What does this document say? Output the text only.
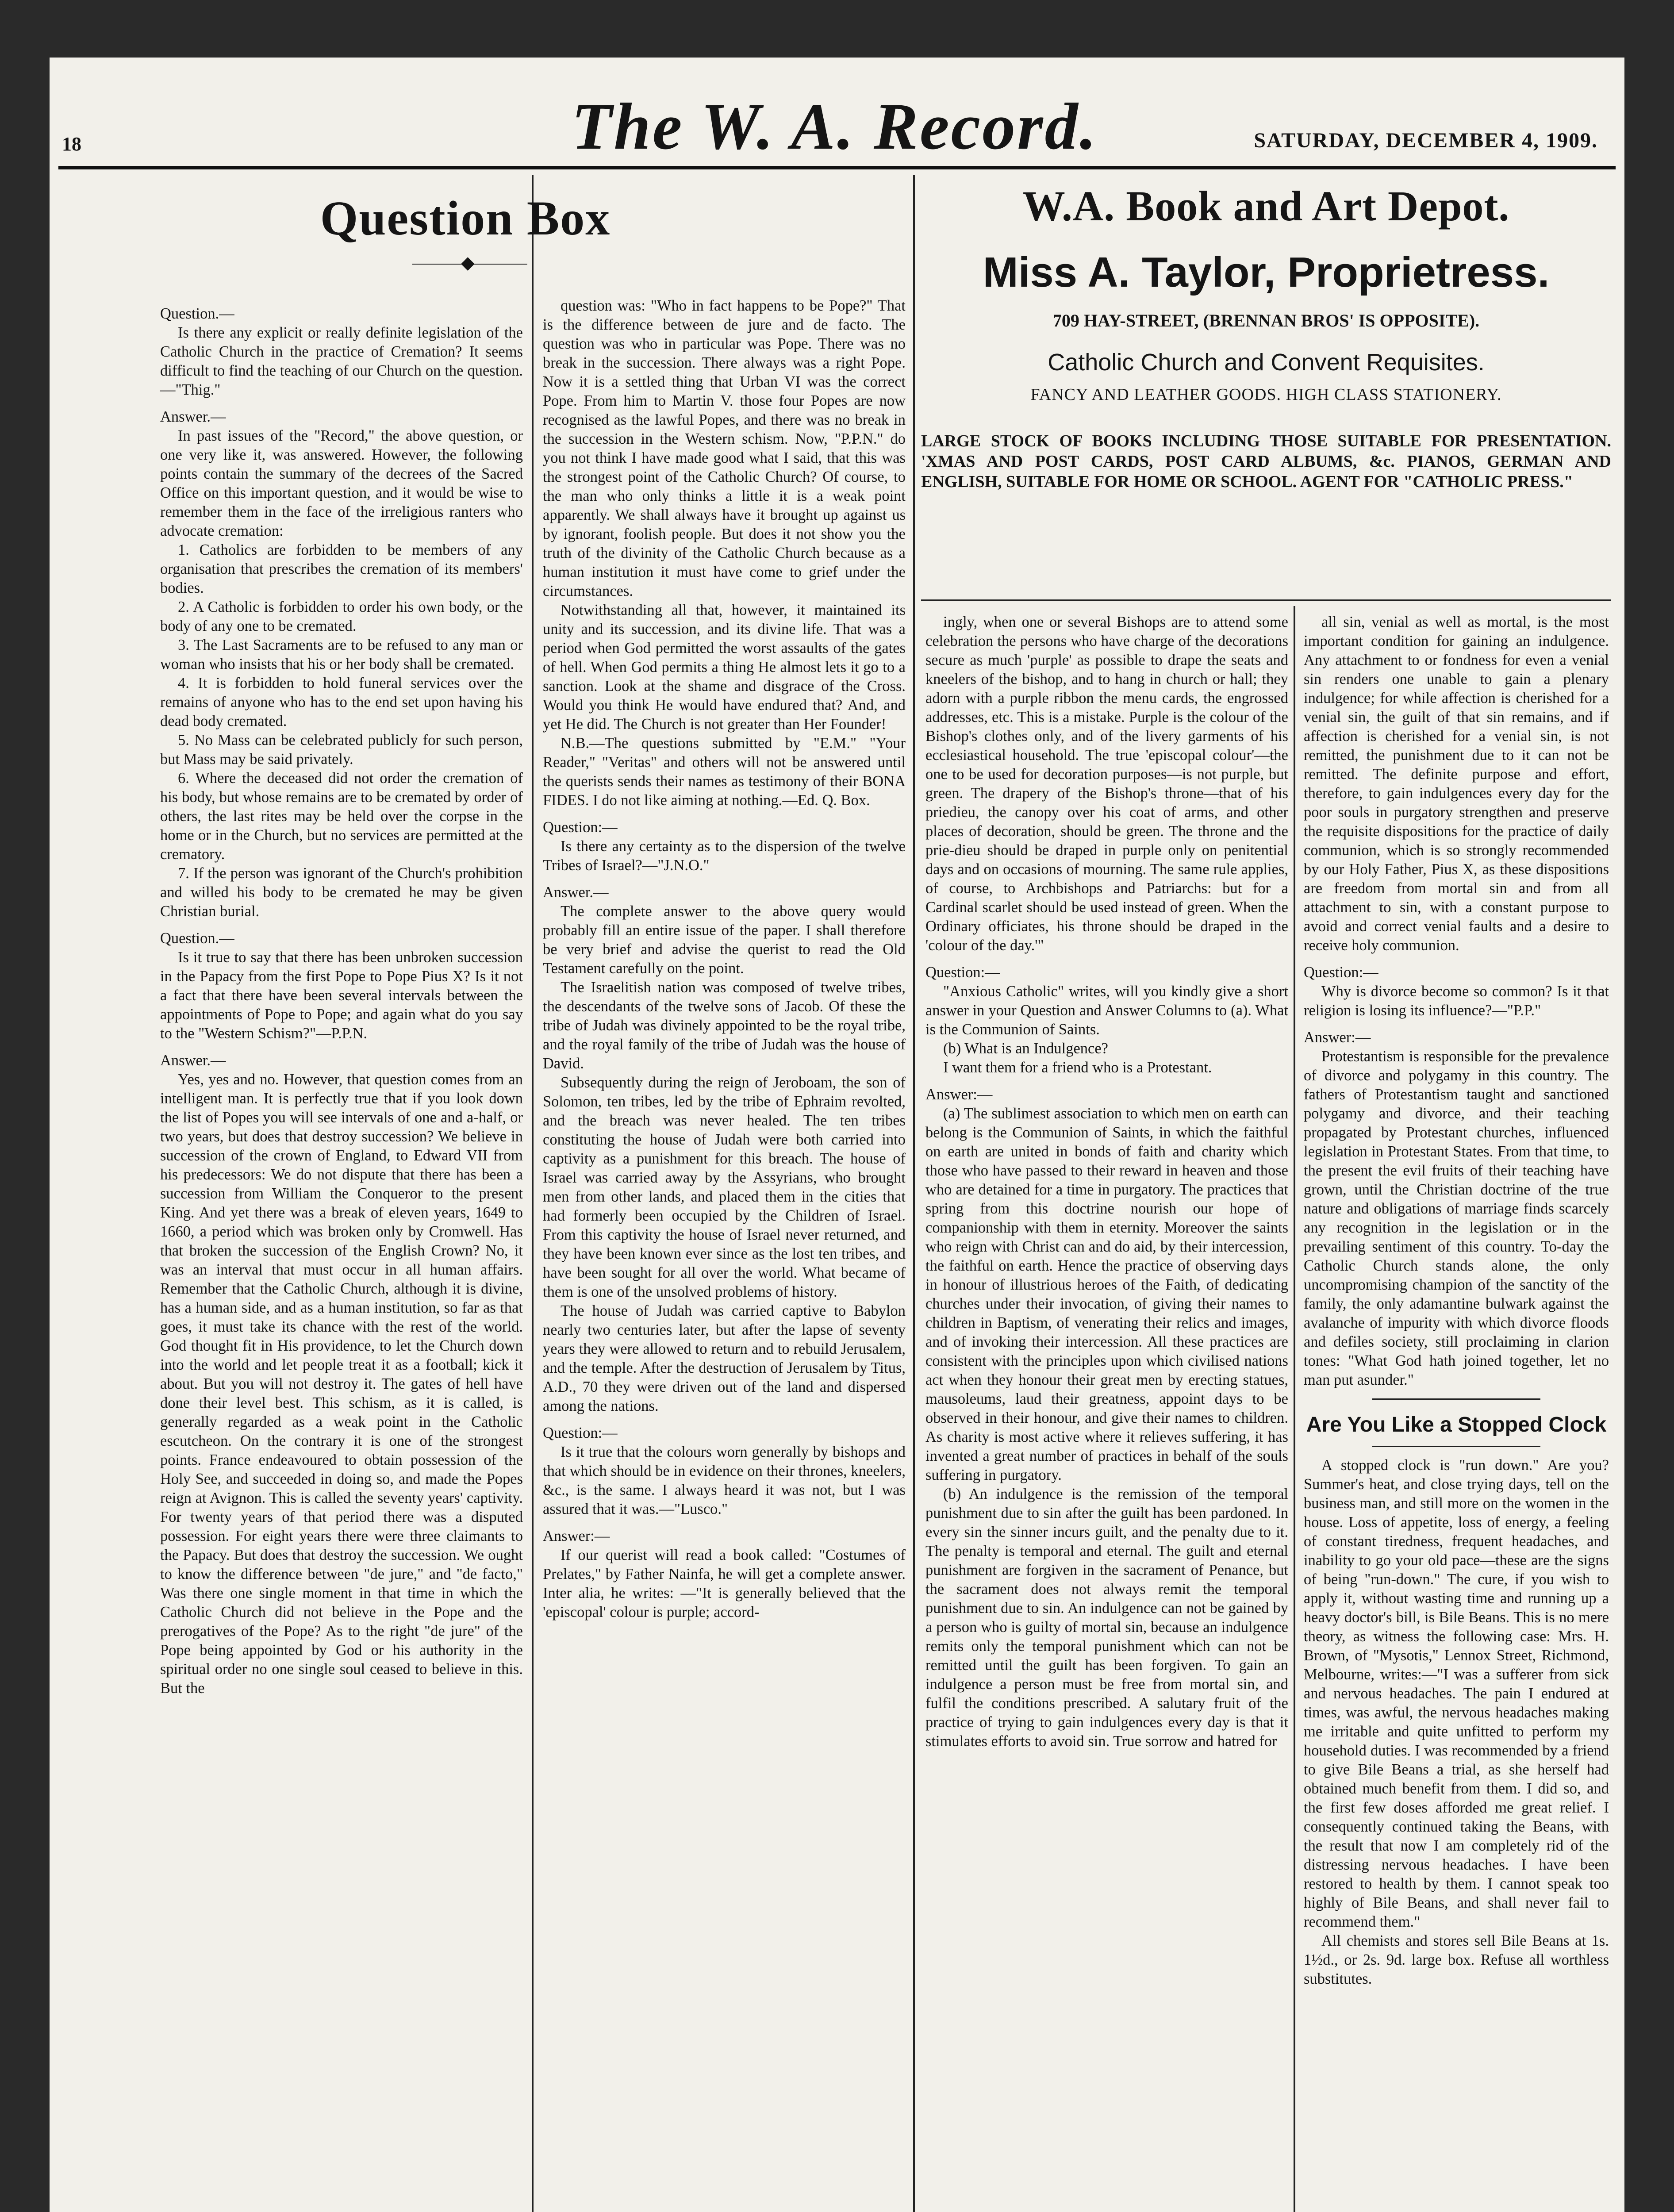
18	The W. A. Record.	SATURDAY, DECEMBER 4, 1909.
Question Box
◆

Question.—

Is there any explicit or really definite legislation of the Catholic Church in the practice of Cremation? It seems difficult to find the teaching of our Church on the question.—"Thig."

Answer.—

In past issues of the "Record," the above question, or one very like it, was answered. However, the following points contain the summary of the decrees of the Sacred Office on this important question, and it would be wise to remember them in the face of the irreligious ranters who advocate cremation:

1. Catholics are forbidden to be members of any organisation that prescribes the cremation of its members' bodies.

2. A Catholic is forbidden to order his own body, or the body of any one to be cremated.

3. The Last Sacraments are to be refused to any man or woman who insists that his or her body shall be cremated.

4. It is forbidden to hold funeral services over the remains of anyone who has to the end set upon having his dead body cremated.

5. No Mass can be celebrated publicly for such person, but Mass may be said privately.

6. Where the deceased did not order the cremation of his body, but whose remains are to be cremated by order of others, the last rites may be held over the corpse in the home or in the Church, but no services are permitted at the crematory.

7. If the person was ignorant of the Church's prohibition and willed his body to be cremated he may be given Christian burial.

Question.—

Is it true to say that there has been unbroken succession in the Papacy from the first Pope to Pope Pius X? Is it not a fact that there have been several intervals between the appointments of Pope to Pope; and again what do you say to the "Western Schism?"—P.P.N.

Answer.—

Yes, yes and no. However, that question comes from an intelligent man. It is perfectly true that if you look down the list of Popes you will see intervals of one and a-half, or two years, but does that destroy succession? We believe in succession of the crown of England, to Edward VII from his predecessors: We do not dispute that there has been a succession from William the Conqueror to the present King. And yet there was a break of eleven years, 1649 to 1660, a period which was broken only by Cromwell. Has that broken the succession of the English Crown? No, it was an interval that must occur in all human affairs. Remember that the Catholic Church, although it is divine, has a human side, and as a human institution, so far as that goes, it must take its chance with the rest of the world. God thought fit in His providence, to let the Church down into the world and let people treat it as a football; kick it about. But you will not destroy it. The gates of hell have done their level best. This schism, as it is called, is generally regarded as a weak point in the Catholic escutcheon. On the contrary it is one of the strongest points. France endeavoured to obtain possession of the Holy See, and succeeded in doing so, and made the Popes reign at Avignon. This is called the seventy years' captivity. For twenty years of that period there was a disputed possession. For eight years there were three claimants to the Papacy. But does that destroy the succession. We ought to know the difference between "de jure," and "de facto," Was there one single moment in that time in which the Catholic Church did not believe in the Pope and the prerogatives of the Pope? As to the right "de jure" of the Pope being appointed by God or his authority in the spiritual order no one single soul ceased to believe in this. But the

question was: "Who in fact happens to be Pope?" That is the difference between de jure and de facto. The question was who in particular was Pope. There was no break in the succession. There always was a right Pope. Now it is a settled thing that Urban VI was the correct Pope. From him to Martin V. those four Popes are now recognised as the lawful Popes, and there was no break in the succession in the Western schism. Now, "P.P.N." do you not think I have made good what I said, that this was the strongest point of the Catholic Church? Of course, to the man who only thinks a little it is a weak point apparently. We shall always have it brought up against us by ignorant, foolish people. But does it not show you the truth of the divinity of the Catholic Church because as a human institution it must have come to grief under the circumstances.

Notwithstanding all that, however, it maintained its unity and its succession, and its divine life. That was a period when God permitted the worst assaults of the gates of hell. When God permits a thing He almost lets it go to a sanction. Look at the shame and disgrace of the Cross. Would you think He would have endured that? And, and yet He did. The Church is not greater than Her Founder!

N.B.—The questions submitted by "E.M." "Your Reader," "Veritas" and others will not be answered until the querists sends their names as testimony of their BONA FIDES. I do not like aiming at nothing.—Ed. Q. Box.

Question:—

Is there any certainty as to the dispersion of the twelve Tribes of Israel?—"J.N.O."

Answer.—

The complete answer to the above query would probably fill an entire issue of the paper. I shall therefore be very brief and advise the querist to read the Old Testament carefully on the point.

The Israelitish nation was composed of twelve tribes, the descendants of the twelve sons of Jacob. Of these the tribe of Judah was divinely appointed to be the royal tribe, and the royal family of the tribe of Judah was the house of David.

Subsequently during the reign of Jeroboam, the son of Solomon, ten tribes, led by the tribe of Ephraim revolted, and the breach was never healed. The ten tribes constituting the house of Judah were both carried into captivity as a punishment for this breach. The house of Israel was carried away by the Assyrians, who brought men from other lands, and placed them in the cities that had formerly been occupied by the Children of Israel. From this captivity the house of Israel never returned, and they have been known ever since as the lost ten tribes, and have been sought for all over the world. What became of them is one of the unsolved problems of history.

The house of Judah was carried captive to Babylon nearly two centuries later, but after the lapse of seventy years they were allowed to return and to rebuild Jerusalem, and the temple. After the destruction of Jerusalem by Titus, A.D., 70 they were driven out of the land and dispersed among the nations.

Question:—

Is it true that the colours worn generally by bishops and that which should be in evidence on their thrones, kneelers, &c., is the same. I always heard it was not, but I was assured that it was.—"Lusco."

Answer:—

If our querist will read a book called: "Costumes of Prelates," by Father Nainfa, he will get a complete answer. Inter alia, he writes: —"It is generally believed that the 'episcopal' colour is purple; accord-

W.A. Book and Art Depot.
Miss A. Taylor, Proprietress.
709 HAY-STREET, (BRENNAN BROS' IS OPPOSITE).
Catholic Church and Convent Requisites.
FANCY AND LEATHER GOODS. HIGH CLASS STATIONERY.
LARGE STOCK OF BOOKS INCLUDING THOSE SUITABLE FOR PRESENTATION. 'XMAS AND POST CARDS, POST CARD ALBUMS, &c. PIANOS, GERMAN AND ENGLISH, SUITABLE FOR HOME OR SCHOOL. AGENT FOR "CATHOLIC PRESS."

ingly, when one or several Bishops are to attend some celebration the persons who have charge of the decorations secure as much 'purple' as possible to drape the seats and kneelers of the bishop, and to hang in church or hall; they adorn with a purple ribbon the menu cards, the engrossed addresses, etc. This is a mistake. Purple is the colour of the Bishop's clothes only, and of the livery garments of his ecclesiastical household. The true 'episcopal colour'—the one to be used for decoration purposes—is not purple, but green. The drapery of the Bishop's throne—that of his priedieu, the canopy over his coat of arms, and other places of decoration, should be green. The throne and the prie-dieu should be draped in purple only on penitential days and on occasions of mourning. The same rule applies, of course, to Archbishops and Patriarchs: but for a Cardinal scarlet should be used instead of green. When the Ordinary officiates, his throne should be draped in the 'colour of the day.'"

Question:—

"Anxious Catholic" writes, will you kindly give a short answer in your Question and Answer Columns to (a). What is the Communion of Saints.

(b) What is an Indulgence?

I want them for a friend who is a Protestant.

Answer:—

(a) The sublimest association to which men on earth can belong is the Communion of Saints, in which the faithful on earth are united in bonds of faith and charity which those who have passed to their reward in heaven and those who are detained for a time in purgatory. The practices that spring from this doctrine nourish our hope of companionship with them in eternity. Moreover the saints who reign with Christ can and do aid, by their intercession, the faithful on earth. Hence the practice of observing days in honour of illustrious heroes of the Faith, of dedicating churches under their invocation, of giving their names to children in Baptism, of venerating their relics and images, and of invoking their intercession. All these practices are consistent with the principles upon which civilised nations act when they honour their great men by erecting statues, mausoleums, laud their greatness, appoint days to be observed in their honour, and give their names to children. As charity is most active where it relieves suffering, it has invented a great number of practices in behalf of the souls suffering in purgatory.

(b) An indulgence is the remission of the temporal punishment due to sin after the guilt has been pardoned. In every sin the sinner incurs guilt, and the penalty due to it. The penalty is temporal and eternal. The guilt and eternal punishment are forgiven in the sacrament of Penance, but the sacrament does not always remit the temporal punishment due to sin. An indulgence can not be gained by a person who is guilty of mortal sin, because an indulgence remits only the temporal punishment which can not be remitted until the guilt has been forgiven. To gain an indulgence a person must be free from mortal sin, and fulfil the conditions prescribed. A salutary fruit of the practice of trying to gain indulgences every day is that it stimulates efforts to avoid sin. True sorrow and hatred for

all sin, venial as well as mortal, is the most important condition for gaining an indulgence. Any attachment to or fondness for even a venial sin renders one unable to gain a plenary indulgence; for while affection is cherished for a venial sin, the guilt of that sin remains, and if affection is cherished for a venial sin, is not remitted, the punishment due to it can not be remitted. The definite purpose and effort, therefore, to gain indulgences every day for the poor souls in purgatory strengthen and preserve the requisite dispositions for the practice of daily communion, which is so strongly recommended by our Holy Father, Pius X, as these dispositions are freedom from mortal sin and from all attachment to sin, with a constant purpose to avoid and correct venial faults and a desire to receive holy communion.

Question:—

Why is divorce become so common? Is it that religion is losing its influence?—"P.P."

Answer:—

Protestantism is responsible for the prevalence of divorce and polygamy in this country. The fathers of Protestantism taught and sanctioned polygamy and divorce, and their teaching propagated by Protestant churches, influenced legislation in Protestant States. From that time, to the present the evil fruits of their teaching have grown, until the Christian doctrine of the true nature and obligations of marriage finds scarcely any recognition in the legislation or in the prevailing sentiment of this country. To-day the Catholic Church stands alone, the only uncompromising champion of the sanctity of the family, the only adamantine bulwark against the avalanche of impurity with which divorce floods and defiles society, still proclaiming in clarion tones: "What God hath joined together, let no man put asunder."

Are You Like a Stopped Clock

A stopped clock is "run down." Are you? Summer's heat, and close trying days, tell on the business man, and still more on the women in the house. Loss of appetite, loss of energy, a feeling of constant tiredness, frequent headaches, and inability to go your old pace—these are the signs of being "run-down." The cure, if you wish to apply it, without wasting time and running up a heavy doctor's bill, is Bile Beans. This is no mere theory, as witness the following case: Mrs. H. Brown, of "Mysotis," Lennox Street, Richmond, Melbourne, writes:—"I was a sufferer from sick and nervous headaches. The pain I endured at times, was awful, the nervous headaches making me irritable and quite unfitted to perform my household duties. I was recommended by a friend to give Bile Beans a trial, as she herself had obtained much benefit from them. I did so, and the first few doses afforded me great relief. I consequently continued taking the Beans, with the result that now I am completely rid of the distressing nervous headaches. I have been restored to health by them. I cannot speak too highly of Bile Beans, and shall never fail to recommend them."

All chemists and stores sell Bile Beans at 1s. 1½d., or 2s. 9d. large box. Refuse all worthless substitutes.
